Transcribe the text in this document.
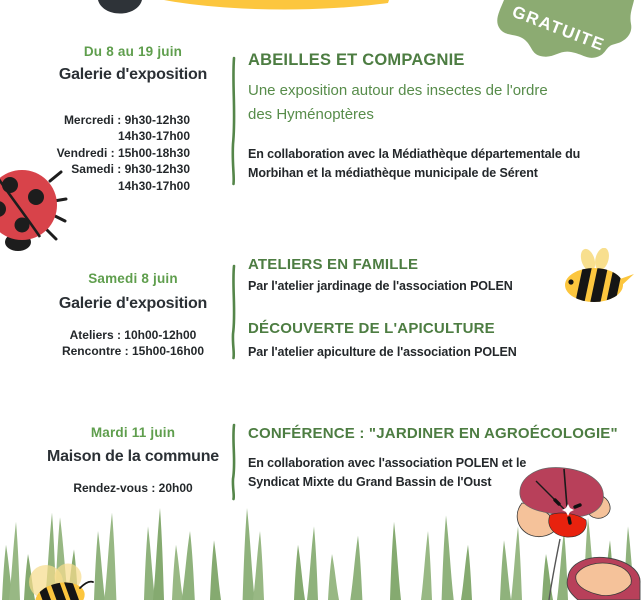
GRATUITE
Du 8 au 19 juin
Galerie d'exposition
Mercredi : 9h30-12h30
14h30-17h00
Vendredi : 15h00-18h30
Samedi : 9h30-12h30
14h30-17h00
ABEILLES ET COMPAGNIE
Une exposition autour des insectes de l'ordre
des Hyménoptères
En collaboration avec la Médiathèque départementale du
Morbihan et la médiathèque municipale de Sérent
Samedi 8 juin
Galerie d'exposition
Ateliers : 10h00-12h00
Rencontre : 15h00-16h00
ATELIERS EN FAMILLE
Par l'atelier jardinage de l'association POLEN
DÉCOUVERTE DE L'APICULTURE
Par l'atelier apiculture de l'association POLEN
Mardi 11 juin
Maison de la commune
Rendez-vous : 20h00
CONFÉRENCE : "JARDINER EN AGROÉCOLOGIE"
En collaboration avec l'association POLEN et le
Syndicat Mixte du Grand Bassin de l'Oust
